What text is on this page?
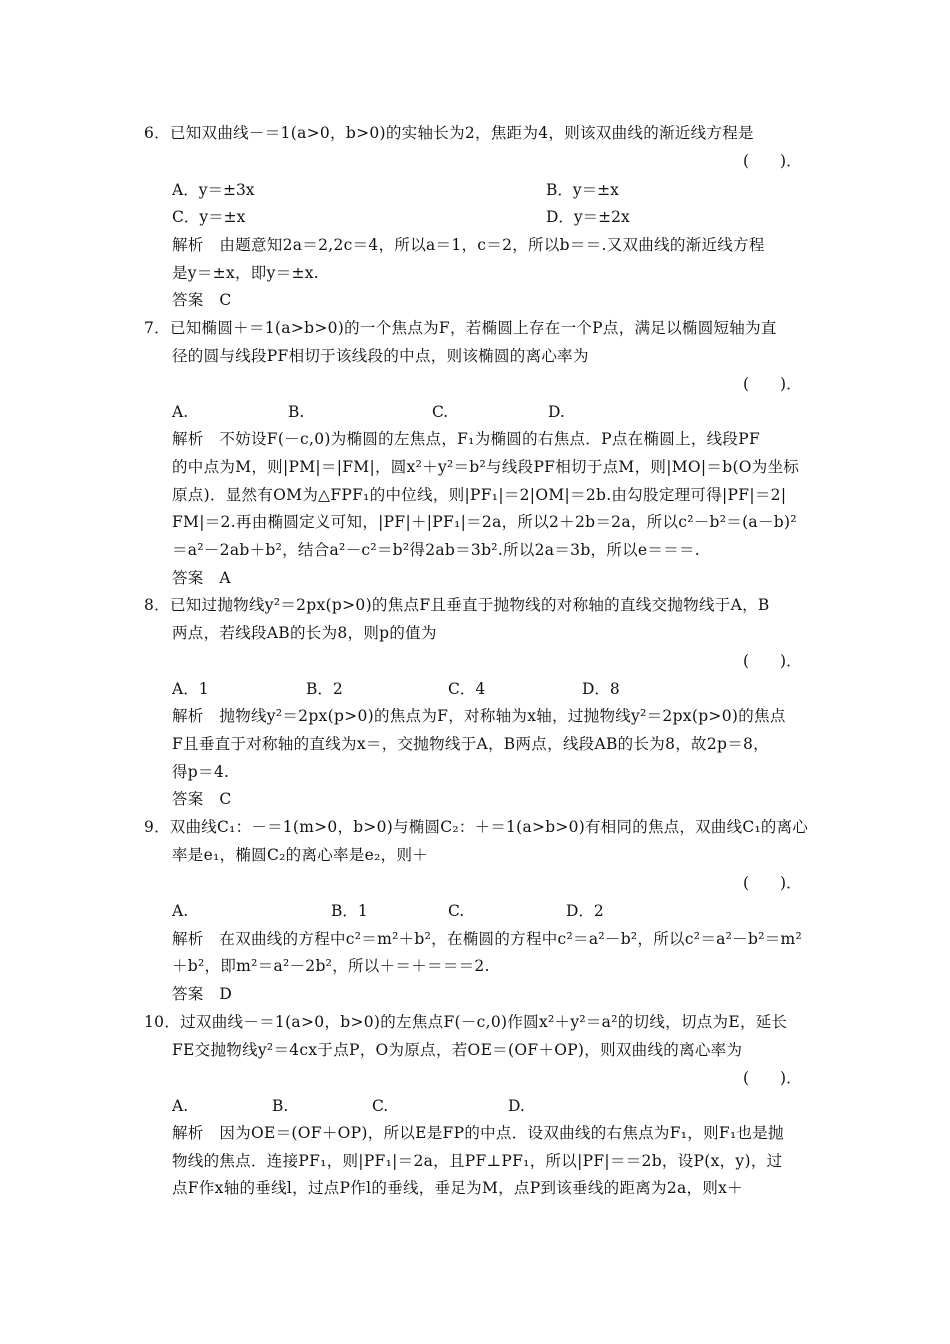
6．已知双曲线－＝1(a>0，b>0)的实轴长为2，焦距为4，则该双曲线的渐近线方程是
(　　)．
A．y＝±3x	B．y＝±x
C．y＝±x	D．y＝±2x
解析　由题意知2a＝2,2c＝4，所以a＝1，c＝2，所以b＝＝.又双曲线的渐近线方程
是y＝±x，即y＝±x.
答案　C
7．已知椭圆＋＝1(a>b>0)的一个焦点为F，若椭圆上存在一个P点，满足以椭圆短轴为直
径的圆与线段PF相切于该线段的中点，则该椭圆的离心率为
(　　)．
A.	B.	C.	D.
解析　不妨设F(－c,0)为椭圆的左焦点，F₁为椭圆的右焦点．P点在椭圆上，线段PF
的中点为M，则|PM|＝|FM|，圆x²＋y²＝b²与线段PF相切于点M，则|MO|＝b(O为坐标
原点)．显然有OM为△FPF₁的中位线，则|PF₁|＝2|OM|＝2b.由勾股定理可得|PF|＝2|
FM|＝2.再由椭圆定义可知，|PF|＋|PF₁|＝2a，所以2＋2b＝2a，所以c²－b²＝(a－b)²
＝a²－2ab＋b²，结合a²－c²＝b²得2ab＝3b².所以2a＝3b，所以e＝＝＝.
答案　A
8．已知过抛物线y²＝2px(p>0)的焦点F且垂直于抛物线的对称轴的直线交抛物线于A，B
两点，若线段AB的长为8，则p的值为
(　　)．
A．1	B．2	C．4	D．8
解析　抛物线y²＝2px(p>0)的焦点为F，对称轴为x轴，过抛物线y²＝2px(p>0)的焦点
F且垂直于对称轴的直线为x＝，交抛物线于A，B两点，线段AB的长为8，故2p＝8，
得p＝4.
答案　C
9．双曲线C₁：－＝1(m>0，b>0)与椭圆C₂：＋＝1(a>b>0)有相同的焦点，双曲线C₁的离心
率是e₁，椭圆C₂的离心率是e₂，则＋
(　　)．
A.	B．1	C.	D．2
解析　在双曲线的方程中c²＝m²＋b²，在椭圆的方程中c²＝a²－b²，所以c²＝a²－b²＝m²
＋b²，即m²＝a²－2b²，所以＋＝＋＝＝＝2.
答案　D
10．过双曲线－＝1(a>0，b>0)的左焦点F(－c,0)作圆x²＋y²＝a²的切线，切点为E，延长
FE交抛物线y²＝4cx于点P，O为原点，若OE＝(OF＋OP)，则双曲线的离心率为
(　　)．
A.	B.	C.	D.
解析　因为OE＝(OF＋OP)，所以E是FP的中点．设双曲线的右焦点为F₁，则F₁也是抛
物线的焦点．连接PF₁，则|PF₁|＝2a，且PF⊥PF₁，所以|PF|＝＝2b，设P(x，y)，过
点F作x轴的垂线l，过点P作l的垂线，垂足为M，点P到该垂线的距离为2a，则x＋
